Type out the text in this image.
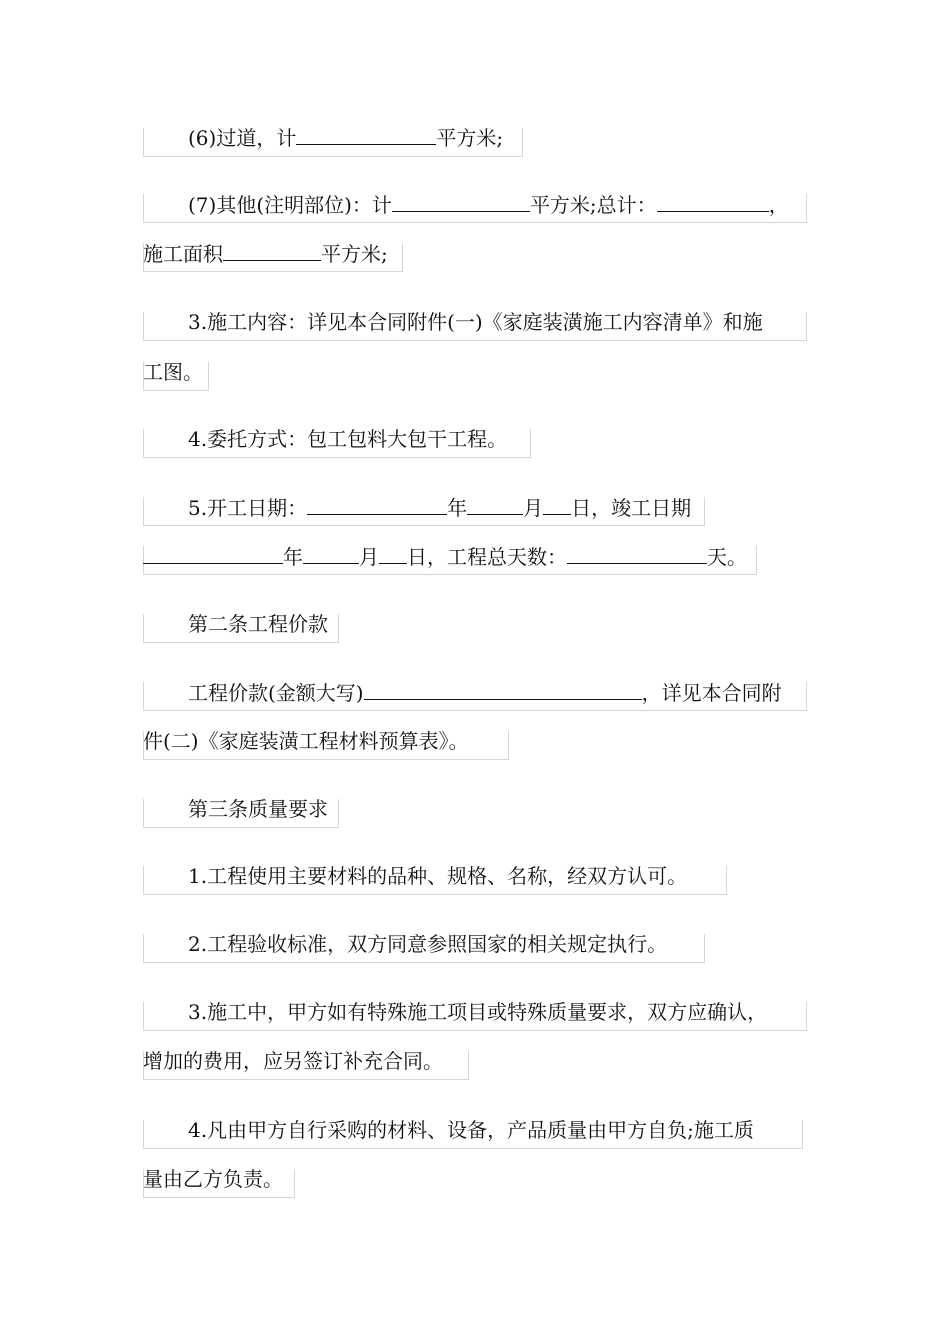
(6)过道，计	平方米;
(7)其他(注明部位)：计	平方米;总计：	，
施工面积	平方米;
3.施工内容：详见本合同附件(一)《家庭装潢施工内容清单》和施
工图。
4.委托方式：包工包料大包干工程。
5.开工日期：	年	月 日，竣工日期
年	月 日，工程总天数：	天。
第二条工程价款
工程价款(金额大写)	，详见本合同附
件(二)《家庭装潢工程材料预算表》。
第三条质量要求
1.工程使用主要材料的品种、规格、名称，经双方认可。
2.工程验收标准，双方同意参照国家的相关规定执行。
3.施工中，甲方如有特殊施工项目或特殊质量要求，双方应确认，
增加的费用，应另签订补充合同。
4.凡由甲方自行采购的材料、设备，产品质量由甲方自负;施工质
量由乙方负责。
